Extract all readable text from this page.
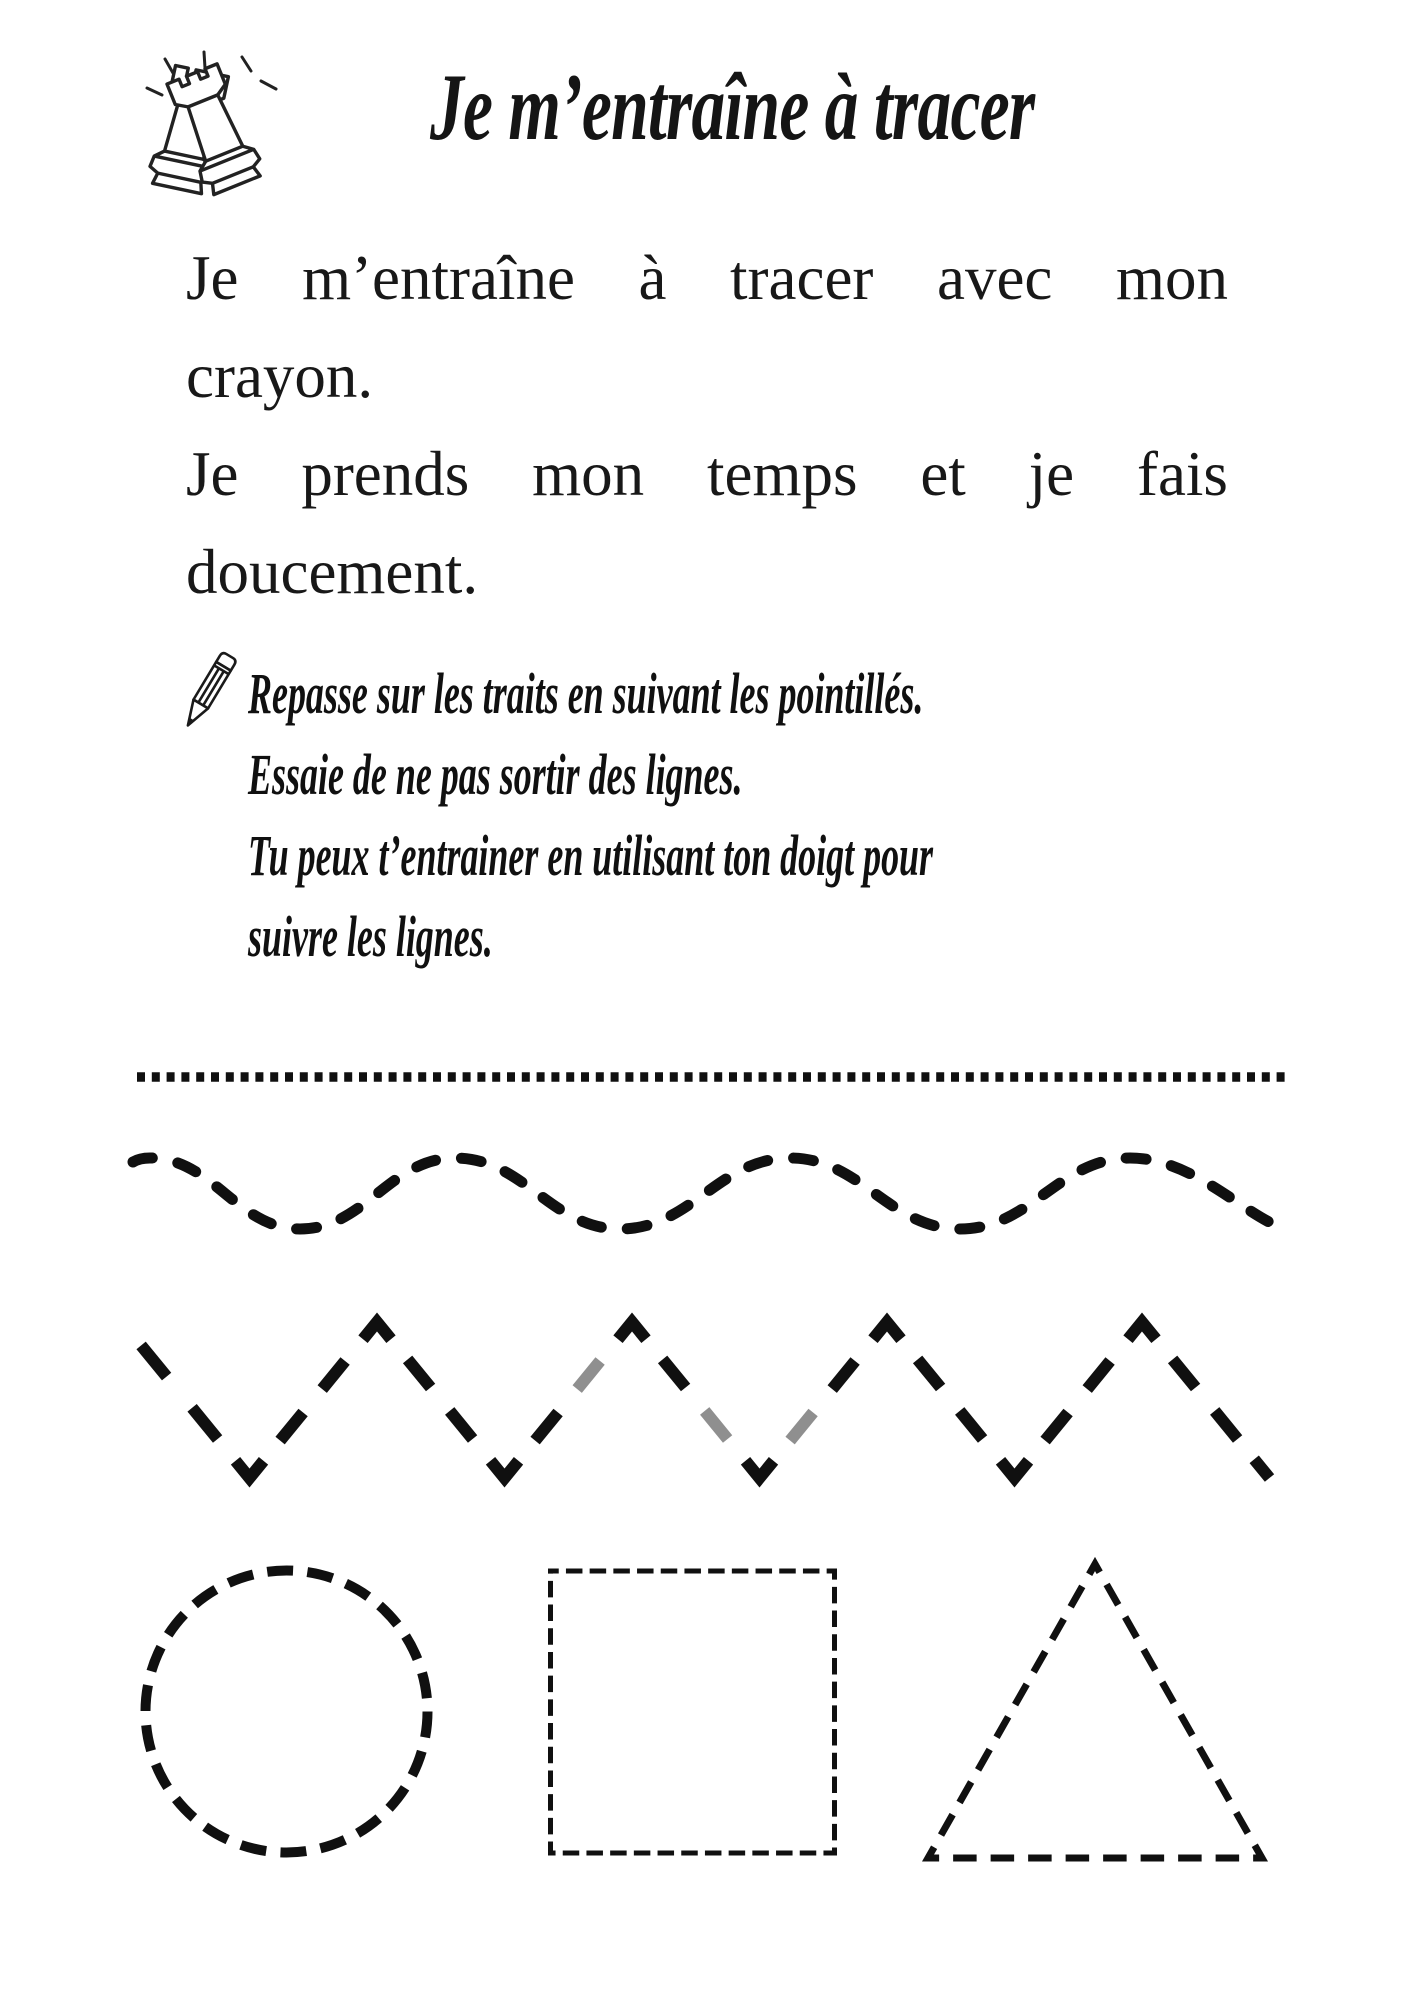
Je m’entraîne à tracer
Je m’entraîne à tracer avec mon
crayon.
Je prends mon temps et je fais
doucement.
Repasse sur les traits en suivant les pointillés.
Essaie de ne pas sortir des lignes.
Tu peux t’entrainer en utilisant ton doigt pour
suivre les lignes.
